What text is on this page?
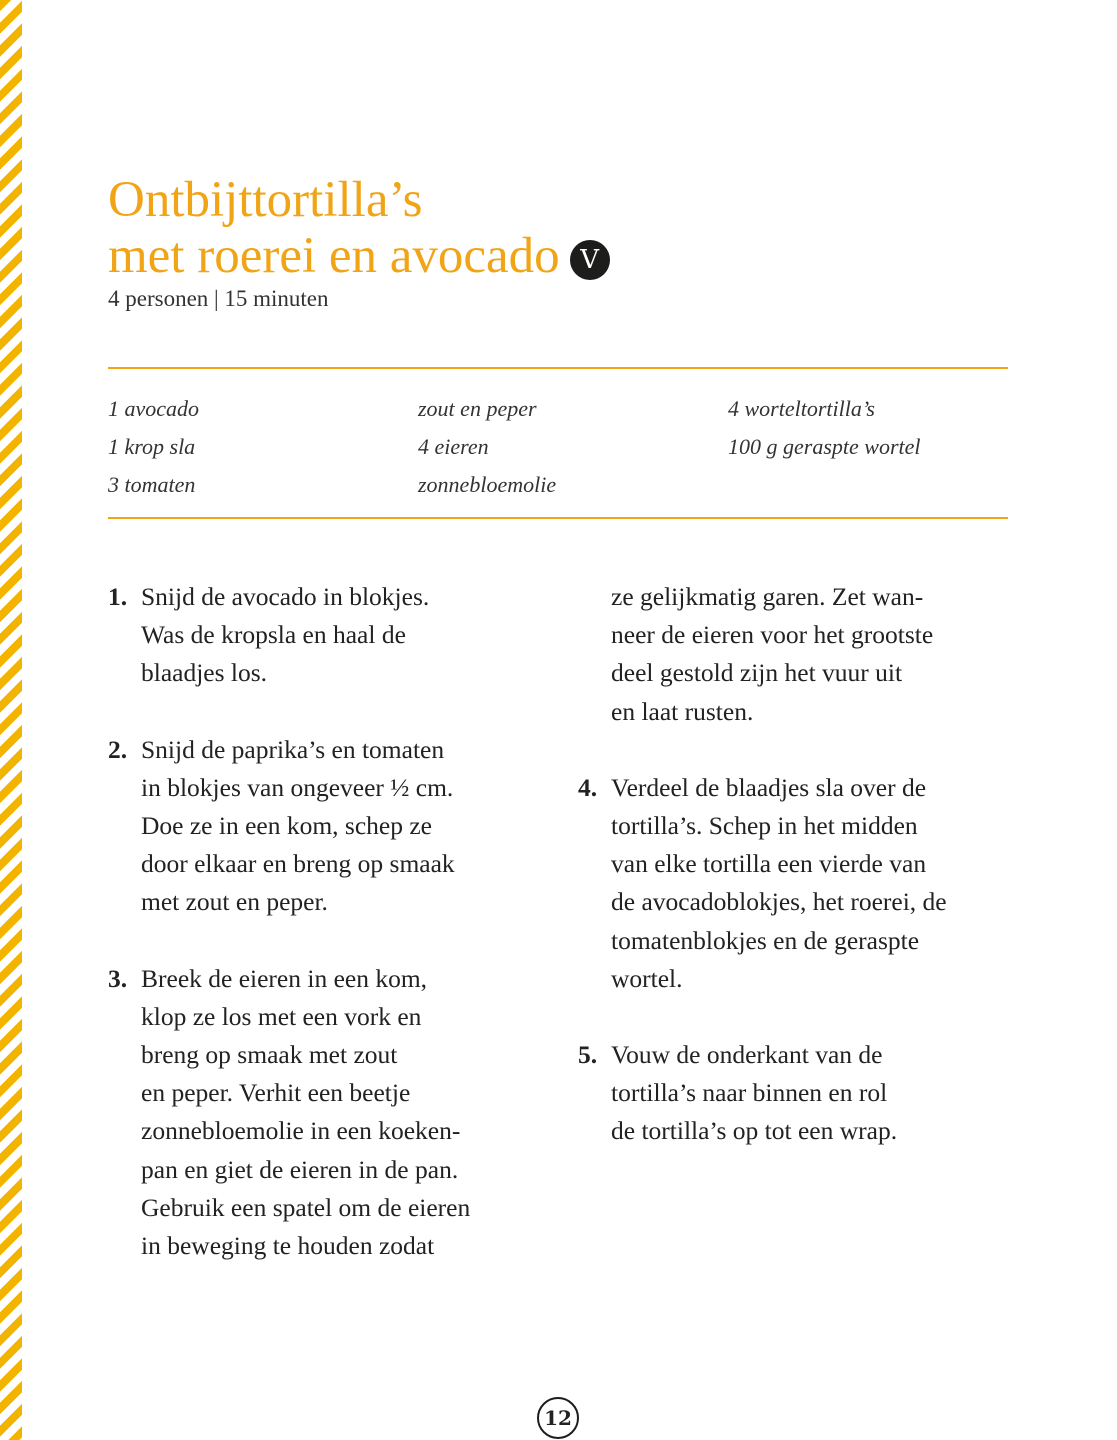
Ontbijttortilla’s
met roerei en avocado V
4 personen | 15 minuten
1 avocado
1 krop sla
3 tomaten
zout en peper
4 eieren
zonnebloemolie
4 worteltortilla’s
100 g geraspte wortel
1. Snijd de avocado in blokjes.
Was de kropsla en haal de
blaadjes los.
2. Snijd de paprika’s en tomaten
in blokjes van ongeveer ½ cm.
Doe ze in een kom, schep ze
door elkaar en breng op smaak
met zout en peper.
3. Breek de eieren in een kom,
klop ze los met een vork en
breng op smaak met zout
en peper. Verhit een beetje
zonnebloemolie in een koeken-
pan en giet de eieren in de pan.
Gebruik een spatel om de eieren
in beweging te houden zodat
ze gelijkmatig garen. Zet wan-
neer de eieren voor het grootste
deel gestold zijn het vuur uit
en laat rusten.
4. Verdeel de blaadjes sla over de
tortilla’s. Schep in het midden
van elke tortilla een vierde van
de avocadoblokjes, het roerei, de
tomatenblokjes en de geraspte
wortel.
5. Vouw de onderkant van de
tortilla’s naar binnen en rol
de tortilla’s op tot een wrap.
12
